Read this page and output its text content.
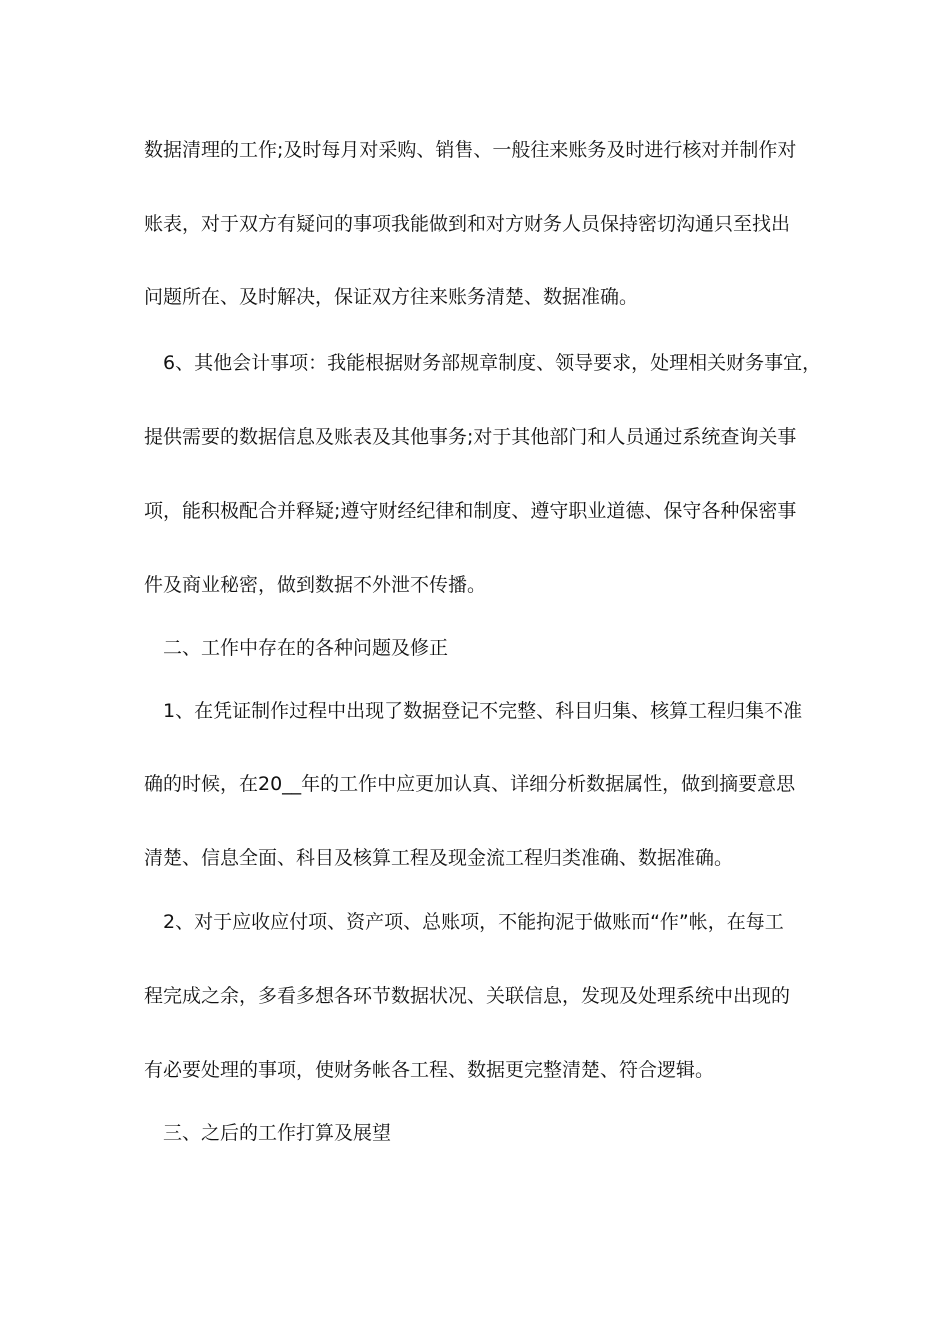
数据清理的工作;及时每月对采购、销售、一般往来账务及时进行核对并制作对
账表，对于双方有疑问的事项我能做到和对方财务人员保持密切沟通只至找出
问题所在、及时解决，保证双方往来账务清楚、数据准确。
6、其他会计事项：我能根据财务部规章制度、领导要求，处理相关财务事宜，
提供需要的数据信息及账表及其他事务;对于其他部门和人员通过系统查询关事
项，能积极配合并释疑;遵守财经纪律和制度、遵守职业道德、保守各种保密事
件及商业秘密，做到数据不外泄不传播。
二、工作中存在的各种问题及修正
1、在凭证制作过程中出现了数据登记不完整、科目归集、核算工程归集不准
确的时候，在20__年的工作中应更加认真、详细分析数据属性，做到摘要意思
清楚、信息全面、科目及核算工程及现金流工程归类准确、数据准确。
2、对于应收应付项、资产项、总账项，不能拘泥于做账而“作”帐，在每工
程完成之余，多看多想各环节数据状况、关联信息，发现及处理系统中出现的
有必要处理的事项，使财务帐各工程、数据更完整清楚、符合逻辑。
三、之后的工作打算及展望
